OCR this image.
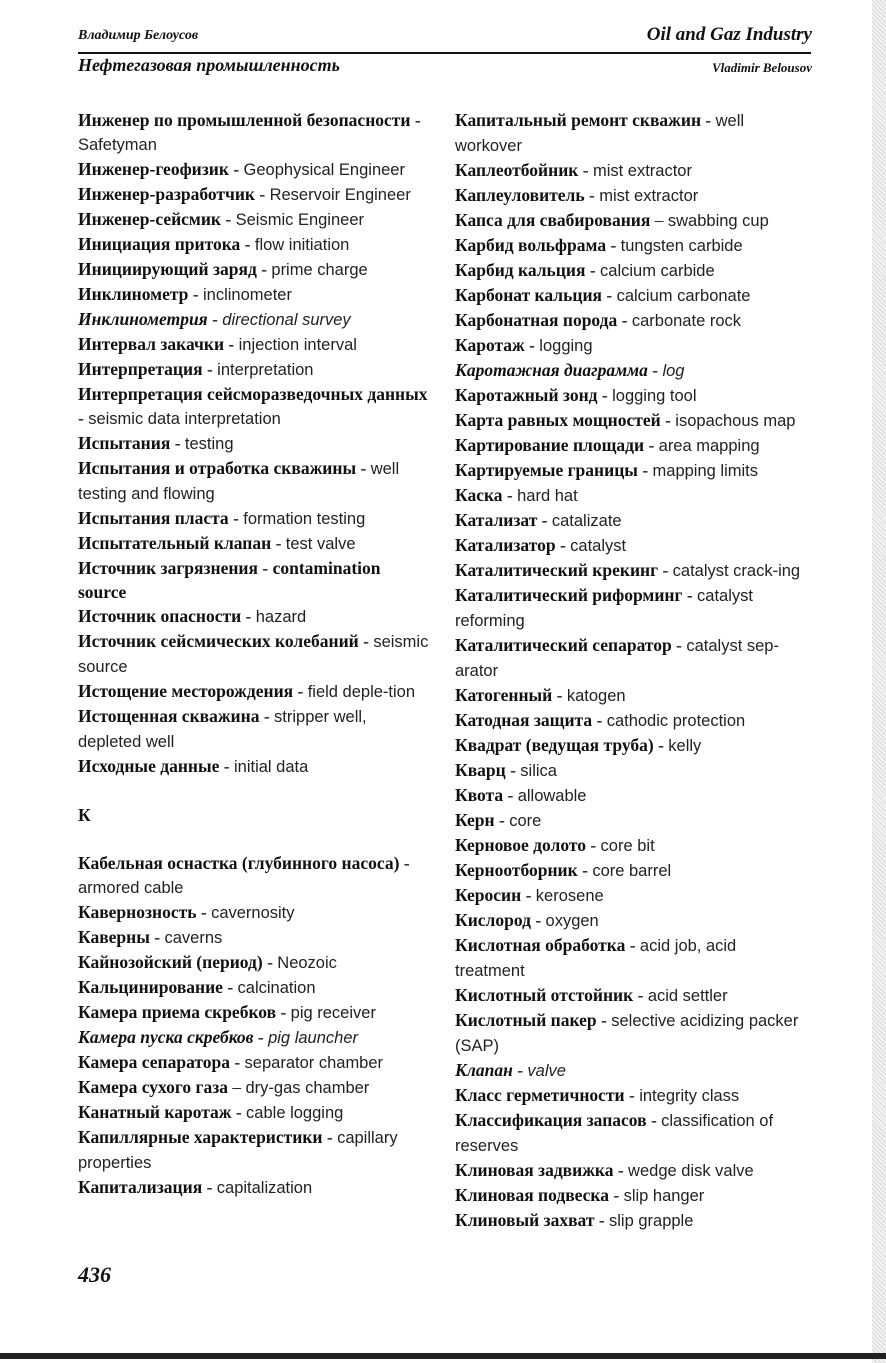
Владимир Белоусов	Oil and Gaz Industry
Нефтегазовая промышленность	Vladimir Belousov

Инженер по промышленной безопасности - Safetyman

Инженер-геофизик - Geophysical Engineer

Инженер-разработчик - Reservoir Engineer

Инженер-сейсмик - Seismic Engineer

Инициация притока - flow initiation

Инициирующий заряд - prime charge

Инклинометр - inclinometer

Инклинометрия - directional survey

Интервал закачки - injection interval

Интерпретация - interpretation

Интерпретация сейсморазведочных данных - seismic data interpretation

Испытания - testing

Испытания и отработка скважины - well testing and flowing

Испытания пласта - formation testing

Испытательный клапан - test valve

Источник загрязнения - contamination source

Источник опасности - hazard

Источник сейсмических колебаний - seismic source

Истощение месторождения - field deple-tion

Истощенная скважина - stripper well, depleted well

Исходные данные - initial data

К

Кабельная оснастка (глубинного насоса) - armored cable

Кавернозность - cavernosity

Каверны - caverns

Кайнозойский (период) - Neozoic

Кальцинирование - calcination

Камера приема скребков - pig receiver

Камера пуска скребков - pig launcher

Камера сепаратора - separator chamber

Камера сухого газа – dry-gas chamber

Канатный каротаж - cable logging

Капиллярные характеристики - capillary properties

Капитализация - capitalization

Капитальный ремонт скважин - well workover

Каплеотбойник - mist extractor

Каплеуловитель - mist extractor

Капса для свабирования – swabbing cup

Карбид вольфрама - tungsten carbide

Карбид кальция - calcium carbide

Карбонат кальция - calcium carbonate

Карбонатная порода - carbonate rock

Каротаж - logging

Каротажная диаграмма - log

Каротажный зонд - logging tool

Карта равных мощностей - isopachous map

Картирование площади - area mapping

Картируемые границы - mapping limits

Каска - hard hat

Катализат - catalizate

Катализатор - catalyst

Каталитический крекинг - catalyst crack-ing

Каталитический риформинг - catalyst reforming

Каталитический сепаратор - catalyst sep-arator

Катогенный - katogen

Катодная защита - cathodic protection

Квадрат (ведущая труба) - kelly

Кварц - silica

Квота - allowable

Керн - core

Керновое долото - core bit

Керноотборник - core barrel

Керосин - kerosene

Кислород - oxygen

Кислотная обработка - acid job, acid treatment

Кислотный отстойник - acid settler

Кислотный пакер - selective acidizing packer (SAP)

Клапан - valve

Класс герметичности - integrity class

Классификация запасов - classification of reserves

Клиновая задвижка - wedge disk valve

Клиновая подвеска - slip hanger

Клиновый захват - slip grapple

436
